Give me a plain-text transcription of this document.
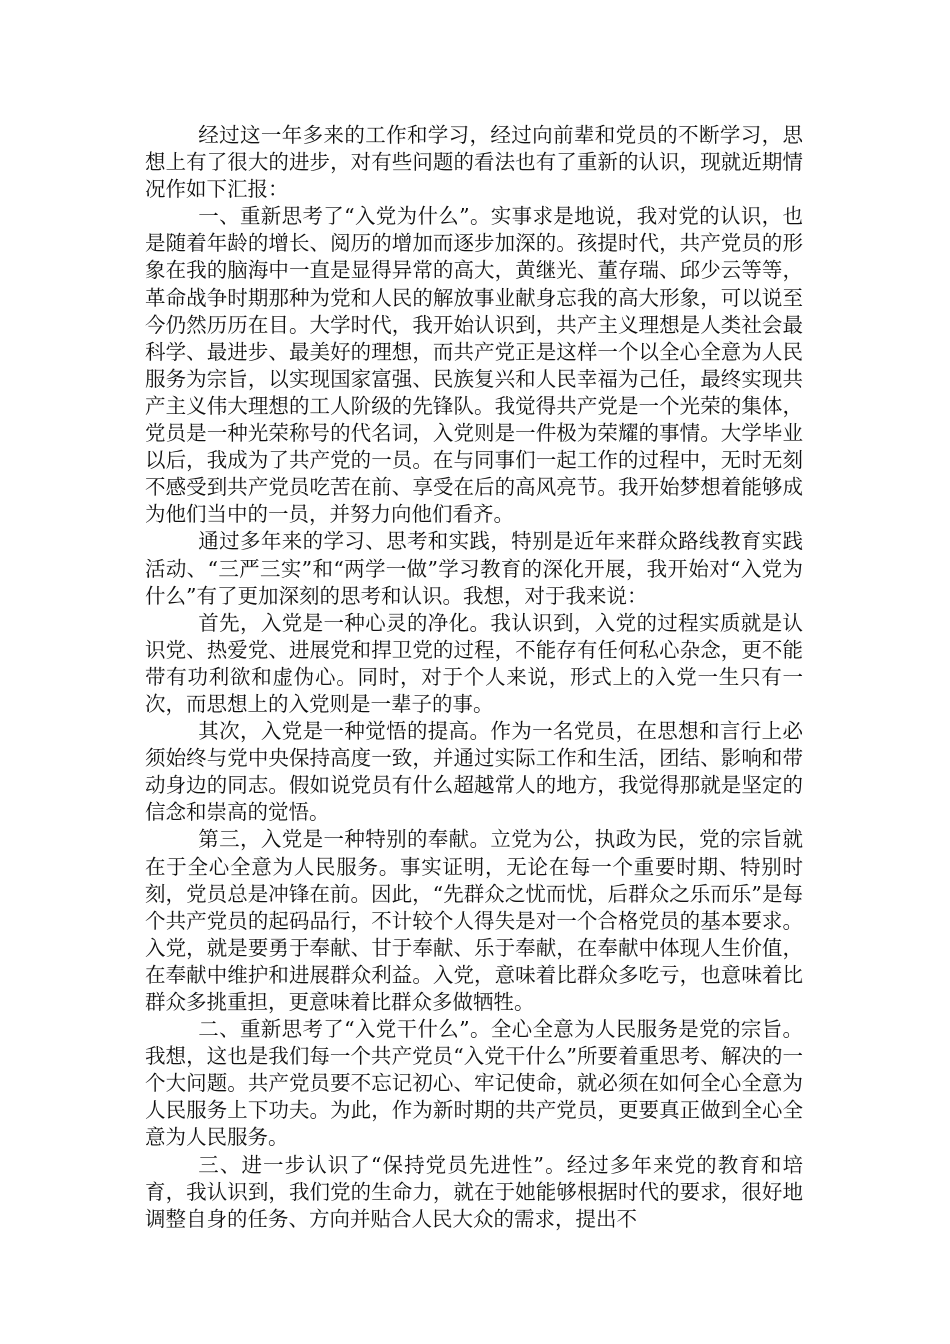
经过这一年多来的工作和学习，经过向前辈和党员的不断学习，思想上有了很大的进步，对有些问题的看法也有了重新的认识，现就近期情况作如下汇报：

一、重新思考了“入党为什么”。实事求是地说，我对党的认识，也是随着年龄的增长、阅历的增加而逐步加深的。孩提时代，共产党员的形象在我的脑海中一直是显得异常的高大，黄继光、董存瑞、邱少云等等，革命战争时期那种为党和人民的解放事业献身忘我的高大形象，可以说至今仍然历历在目。大学时代，我开始认识到，共产主义理想是人类社会最科学、最进步、最美好的理想，而共产党正是这样一个以全心全意为人民服务为宗旨，以实现国家富强、民族复兴和人民幸福为己任，最终实现共产主义伟大理想的工人阶级的先锋队。我觉得共产党是一个光荣的集体，党员是一种光荣称号的代名词，入党则是一件极为荣耀的事情。大学毕业以后，我成为了共产党的一员。在与同事们一起工作的过程中，无时无刻不感受到共产党员吃苦在前、享受在后的高风亮节。我开始梦想着能够成为他们当中的一员，并努力向他们看齐。

通过多年来的学习、思考和实践，特别是近年来群众路线教育实践活动、“三严三实”和“两学一做”学习教育的深化开展，我开始对“入党为什么”有了更加深刻的思考和认识。我想，对于我来说：

首先，入党是一种心灵的净化。我认识到，入党的过程实质就是认识党、热爱党、进展党和捍卫党的过程，不能存有任何私心杂念，更不能带有功利欲和虚伪心。同时，对于个人来说，形式上的入党一生只有一次，而思想上的入党则是一辈子的事。

其次，入党是一种觉悟的提高。作为一名党员，在思想和言行上必须始终与党中央保持高度一致，并通过实际工作和生活，团结、影响和带动身边的同志。假如说党员有什么超越常人的地方，我觉得那就是坚定的信念和崇高的觉悟。

第三，入党是一种特别的奉献。立党为公，执政为民，党的宗旨就在于全心全意为人民服务。事实证明，无论在每一个重要时期、特别时刻，党员总是冲锋在前。因此，“先群众之忧而忧，后群众之乐而乐”是每个共产党员的起码品行，不计较个人得失是对一个合格党员的基本要求。入党，就是要勇于奉献、甘于奉献、乐于奉献，在奉献中体现人生价值，在奉献中维护和进展群众利益。入党，意味着比群众多吃亏，也意味着比群众多挑重担，更意味着比群众多做牺牲。

二、重新思考了“入党干什么”。全心全意为人民服务是党的宗旨。我想，这也是我们每一个共产党员“入党干什么”所要着重思考、解决的一个大问题。共产党员要不忘记初心、牢记使命，就必须在如何全心全意为人民服务上下功夫。为此，作为新时期的共产党员，更要真正做到全心全意为人民服务。

三、进一步认识了“保持党员先进性”。经过多年来党的教育和培育，我认识到，我们党的生命力，就在于她能够根据时代的要求，很好地调整自身的任务、方向并贴合人民大众的需求，提出不
